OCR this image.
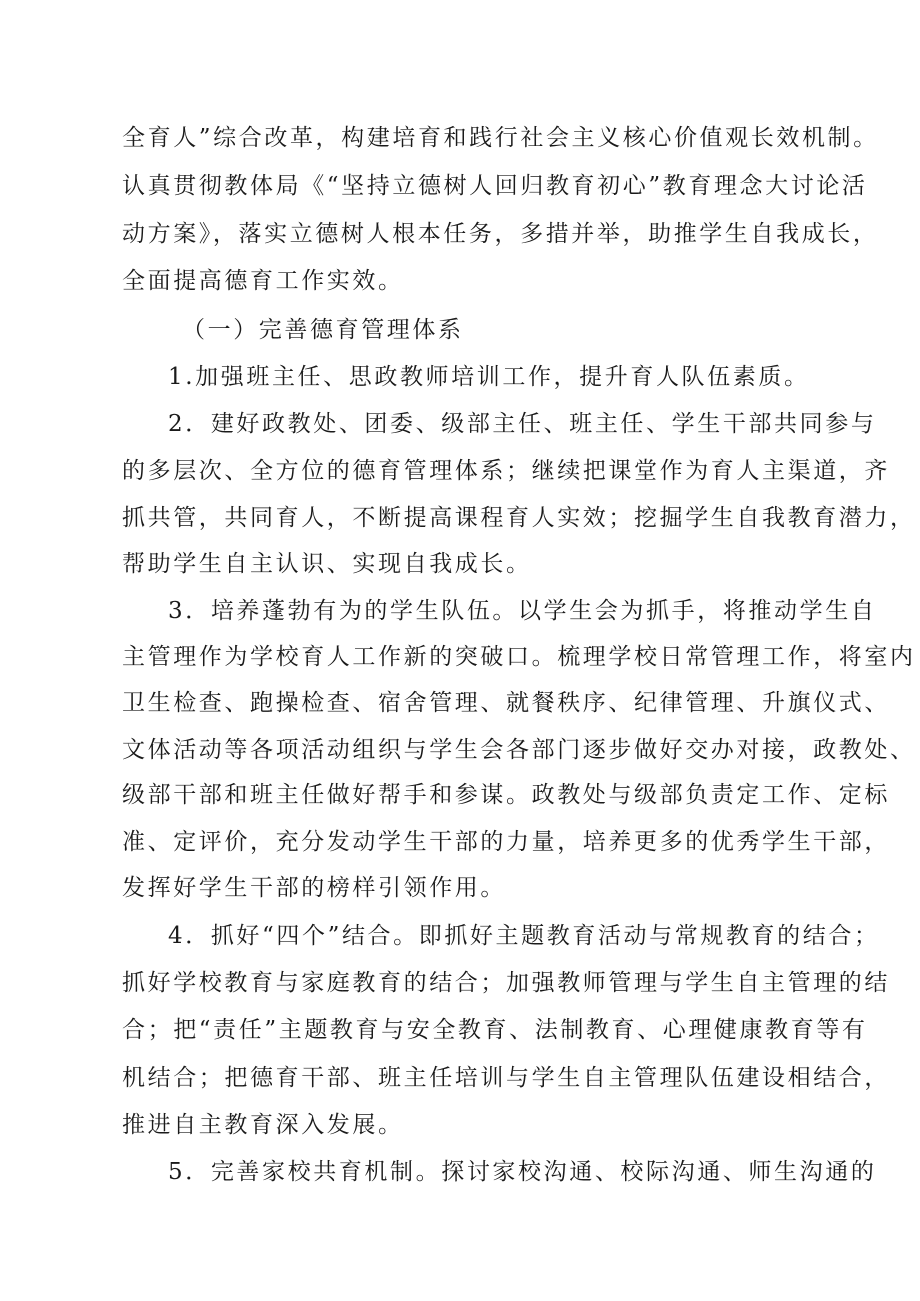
全育人”综合改革，构建培育和践行社会主义核心价值观长效机制。
认真贯彻教体局《“坚持立德树人回归教育初心”教育理念大讨论活
动方案》，落实立德树人根本任务，多措并举，助推学生自我成长，
全面提高德育工作实效。
（一）完善德育管理体系
1.加强班主任、思政教师培训工作，提升育人队伍素质。
2．建好政教处、团委、级部主任、班主任、学生干部共同参与
的多层次、全方位的德育管理体系；继续把课堂作为育人主渠道，齐
抓共管，共同育人，不断提高课程育人实效；挖掘学生自我教育潜力，
帮助学生自主认识、实现自我成长。
3．培养蓬勃有为的学生队伍。以学生会为抓手，将推动学生自
主管理作为学校育人工作新的突破口。梳理学校日常管理工作，将室内
卫生检查、跑操检查、宿舍管理、就餐秩序、纪律管理、升旗仪式、
文体活动等各项活动组织与学生会各部门逐步做好交办对接，政教处、
级部干部和班主任做好帮手和参谋。政教处与级部负责定工作、定标
准、定评价，充分发动学生干部的力量，培养更多的优秀学生干部，
发挥好学生干部的榜样引领作用。
4．抓好“四个”结合。即抓好主题教育活动与常规教育的结合；
抓好学校教育与家庭教育的结合；加强教师管理与学生自主管理的结
合；把“责任”主题教育与安全教育、法制教育、心理健康教育等有
机结合；把德育干部、班主任培训与学生自主管理队伍建设相结合，
推进自主教育深入发展。
5．完善家校共育机制。探讨家校沟通、校际沟通、师生沟通的
